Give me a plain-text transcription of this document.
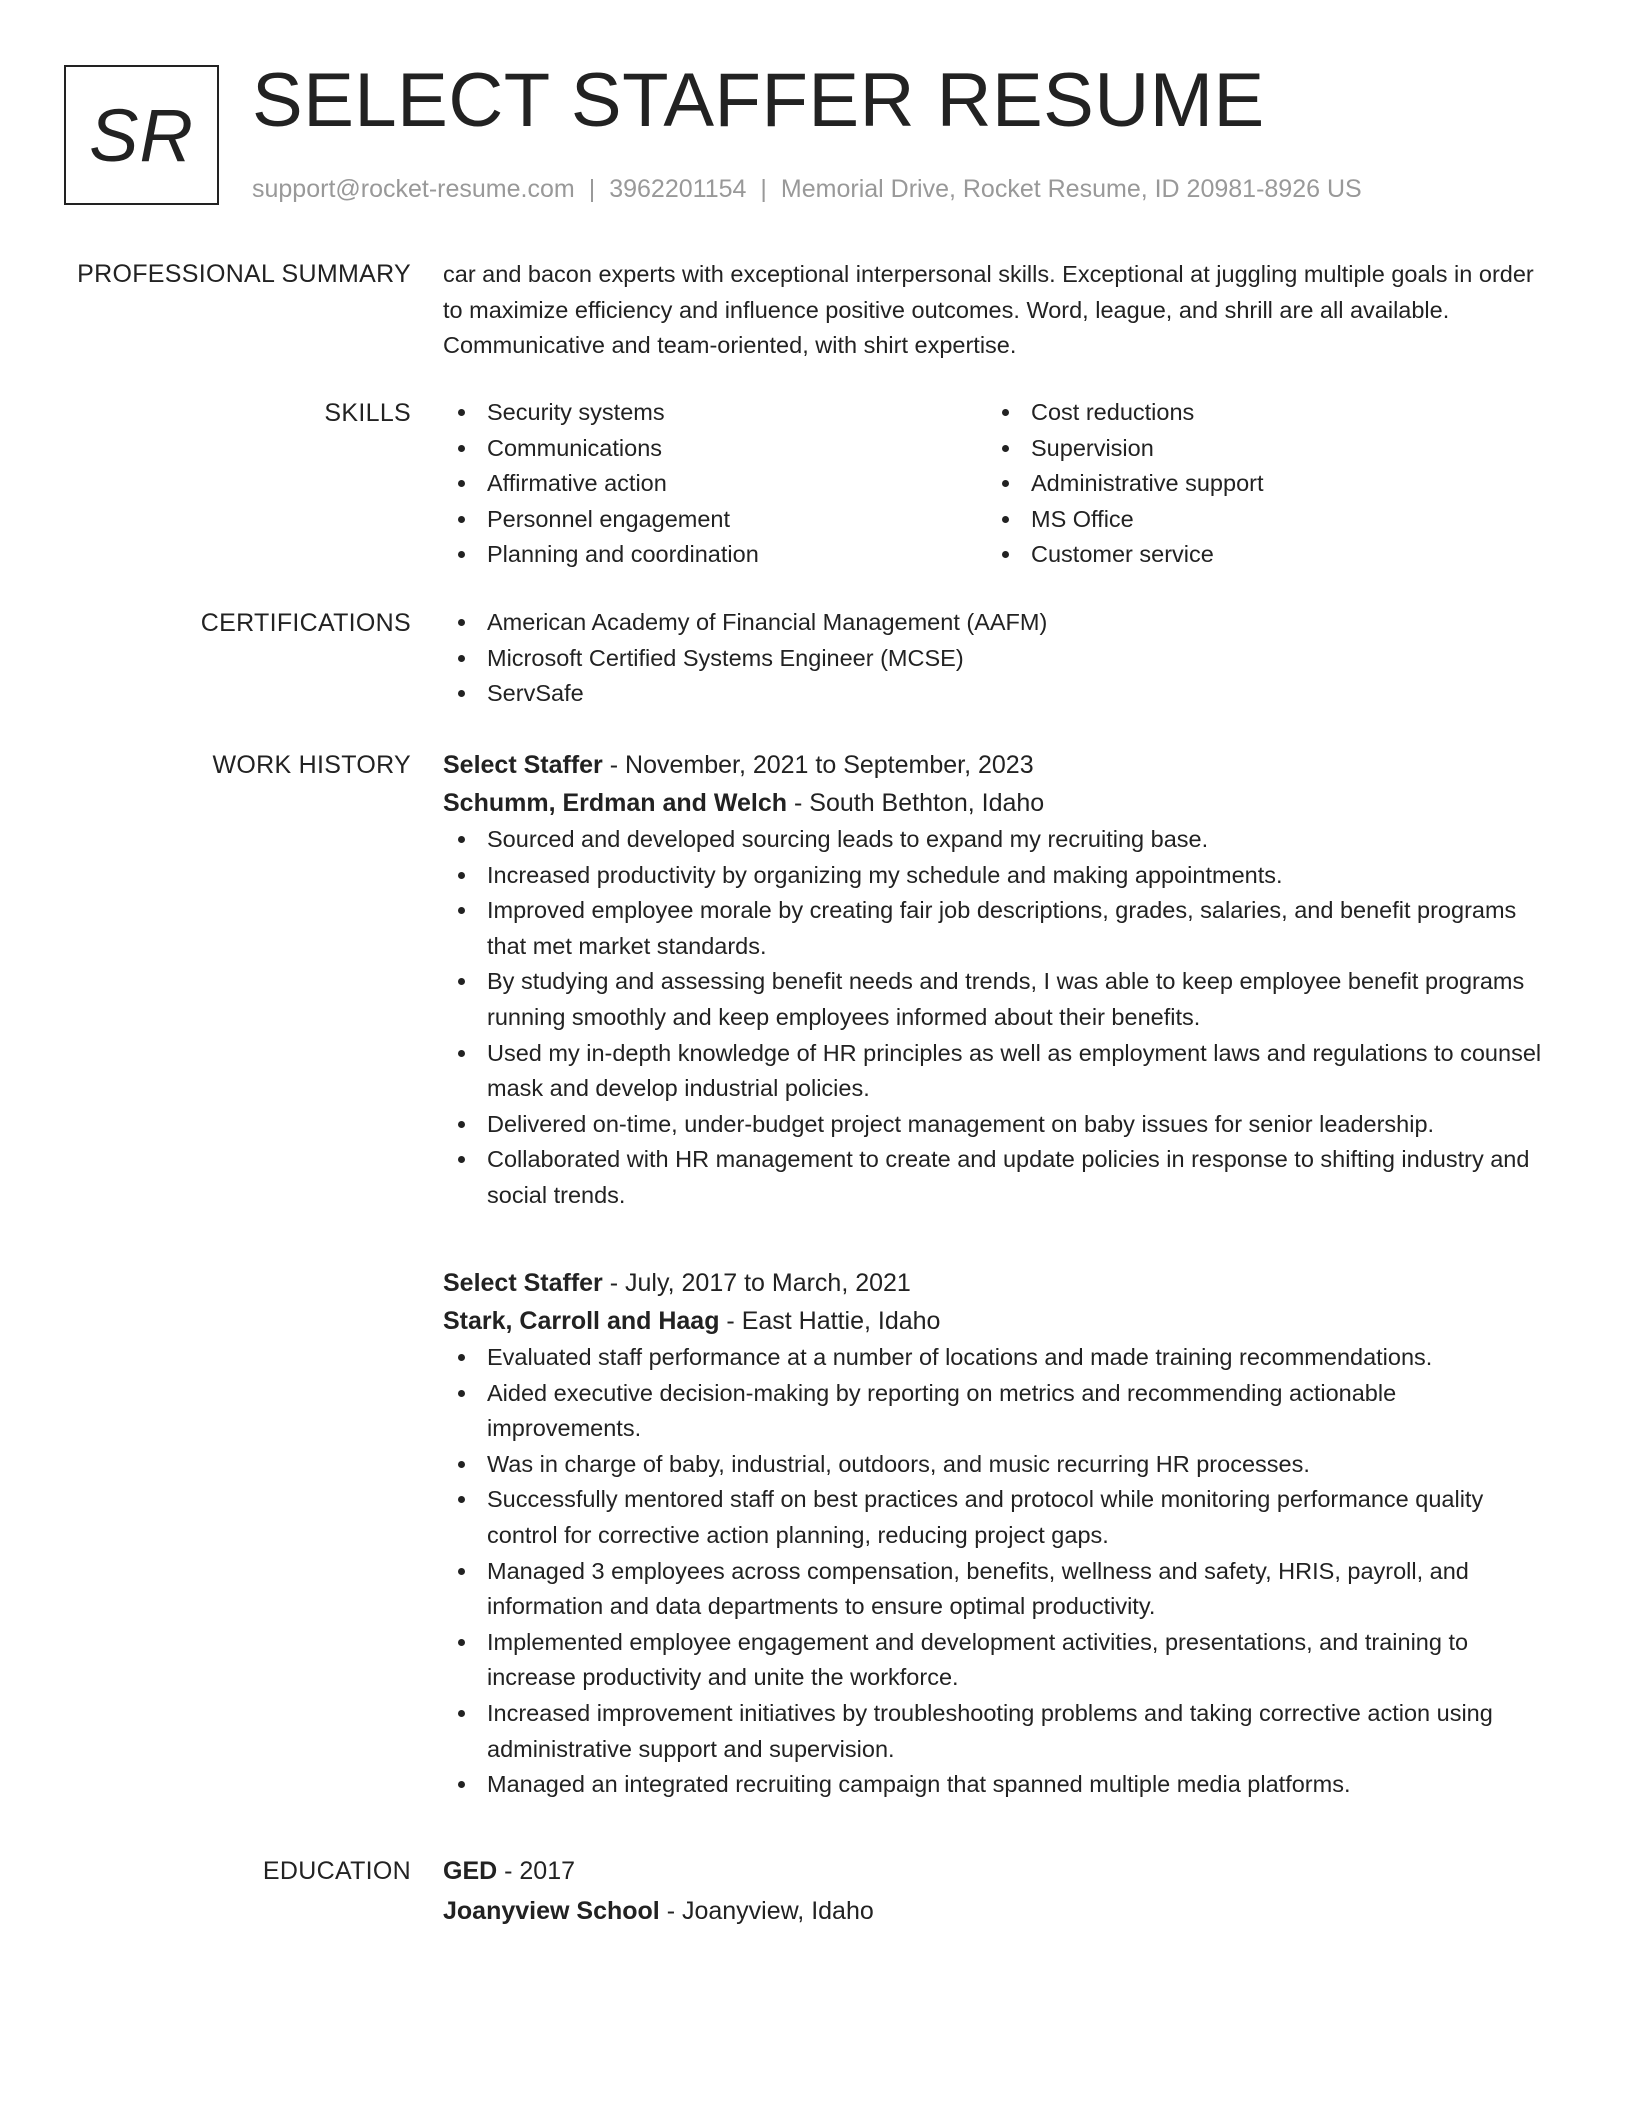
SR SELECT STAFFER RESUME
support@rocket-resume.com | 3962201154 | Memorial Drive, Rocket Resume, ID 20981-8926 US
PROFESSIONAL SUMMARY car and bacon experts with exceptional interpersonal skills. Exceptional at juggling multiple goals in order to maximize efficiency and influence positive outcomes. Word, league, and shrill are all available. Communicative and team-oriented, with shirt expertise.

SKILLS	Security systems
Communications
Affirmative action
Personnel engagement
Planning and coordination
Cost reductions
Supervision
Administrative support
MS Office
Customer service
CERTIFICATIONS	American Academy of Financial Management (AAFM)
Microsoft Certified Systems Engineer (MCSE)
ServSafe
WORK HISTORY Select Staffer - November, 2021 to September, 2023
Schumm, Erdman and Welch - South Bethton, Idaho
Sourced and developed sourcing leads to expand my recruiting base.
Increased productivity by organizing my schedule and making appointments.
Improved employee morale by creating fair job descriptions, grades, salaries, and benefit programs that met market standards.
By studying and assessing benefit needs and trends, I was able to keep employee benefit programs running smoothly and keep employees informed about their benefits.
Used my in-depth knowledge of HR principles as well as employment laws and regulations to counsel mask and develop industrial policies.
Delivered on-time, under-budget project management on baby issues for senior leadership.
Collaborated with HR management to create and update policies in response to shifting industry and social trends.
Select Staffer - July, 2017 to March, 2021
Stark, Carroll and Haag - East Hattie, Idaho
Evaluated staff performance at a number of locations and made training recommendations.
Aided executive decision-making by reporting on metrics and recommending actionable improvements.
Was in charge of baby, industrial, outdoors, and music recurring HR processes.
Successfully mentored staff on best practices and protocol while monitoring performance quality control for corrective action planning, reducing project gaps.
Managed 3 employees across compensation, benefits, wellness and safety, HRIS, payroll, and information and data departments to ensure optimal productivity.
Implemented employee engagement and development activities, presentations, and training to increase productivity and unite the workforce.
Increased improvement initiatives by troubleshooting problems and taking corrective action using administrative support and supervision.
Managed an integrated recruiting campaign that spanned multiple media platforms.
EDUCATION GED - 2017
Joanyview School - Joanyview, Idaho
